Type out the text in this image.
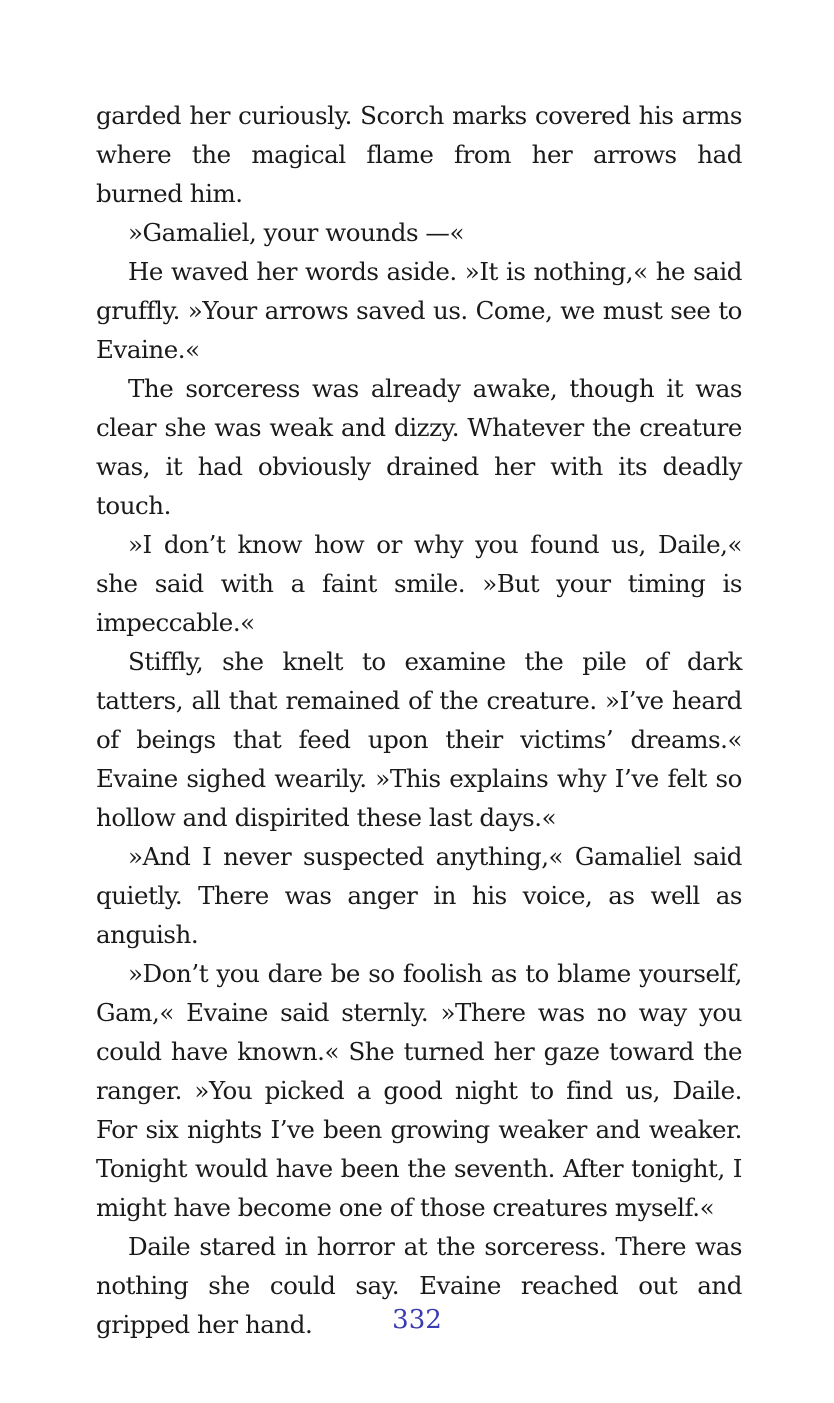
garded her curiously. Scorch marks covered his arms where the magical flame from her arrows had burned him.

»Gamaliel, your wounds —«

He waved her words aside. »It is nothing,« he said gruffly. »Your arrows saved us. Come, we must see to Evaine.«

The sorceress was already awake, though it was clear she was weak and dizzy. Whatever the creature was, it had obviously drained her with its deadly touch.

»I don’t know how or why you found us, Daile,« she said with a faint smile. »But your timing is impeccable.«

Stiffly, she knelt to examine the pile of dark tatters, all that remained of the creature. »I’ve heard of beings that feed upon their victims’ dreams.« Evaine sighed wearily. »This explains why I’ve felt so hollow and dispirited these last days.«

»And I never suspected anything,« Gamaliel said quietly. There was anger in his voice, as well as anguish.

»Don’t you dare be so foolish as to blame yourself, Gam,« Evaine said sternly. »There was no way you could have known.« She turned her gaze toward the ranger. »You picked a good night to find us, Daile. For six nights I’ve been growing weaker and weaker. Tonight would have been the seventh. After tonight, I might have become one of those creatures myself.«

Daile stared in horror at the sorceress. There was nothing she could say. Evaine reached out and gripped her hand.	332
